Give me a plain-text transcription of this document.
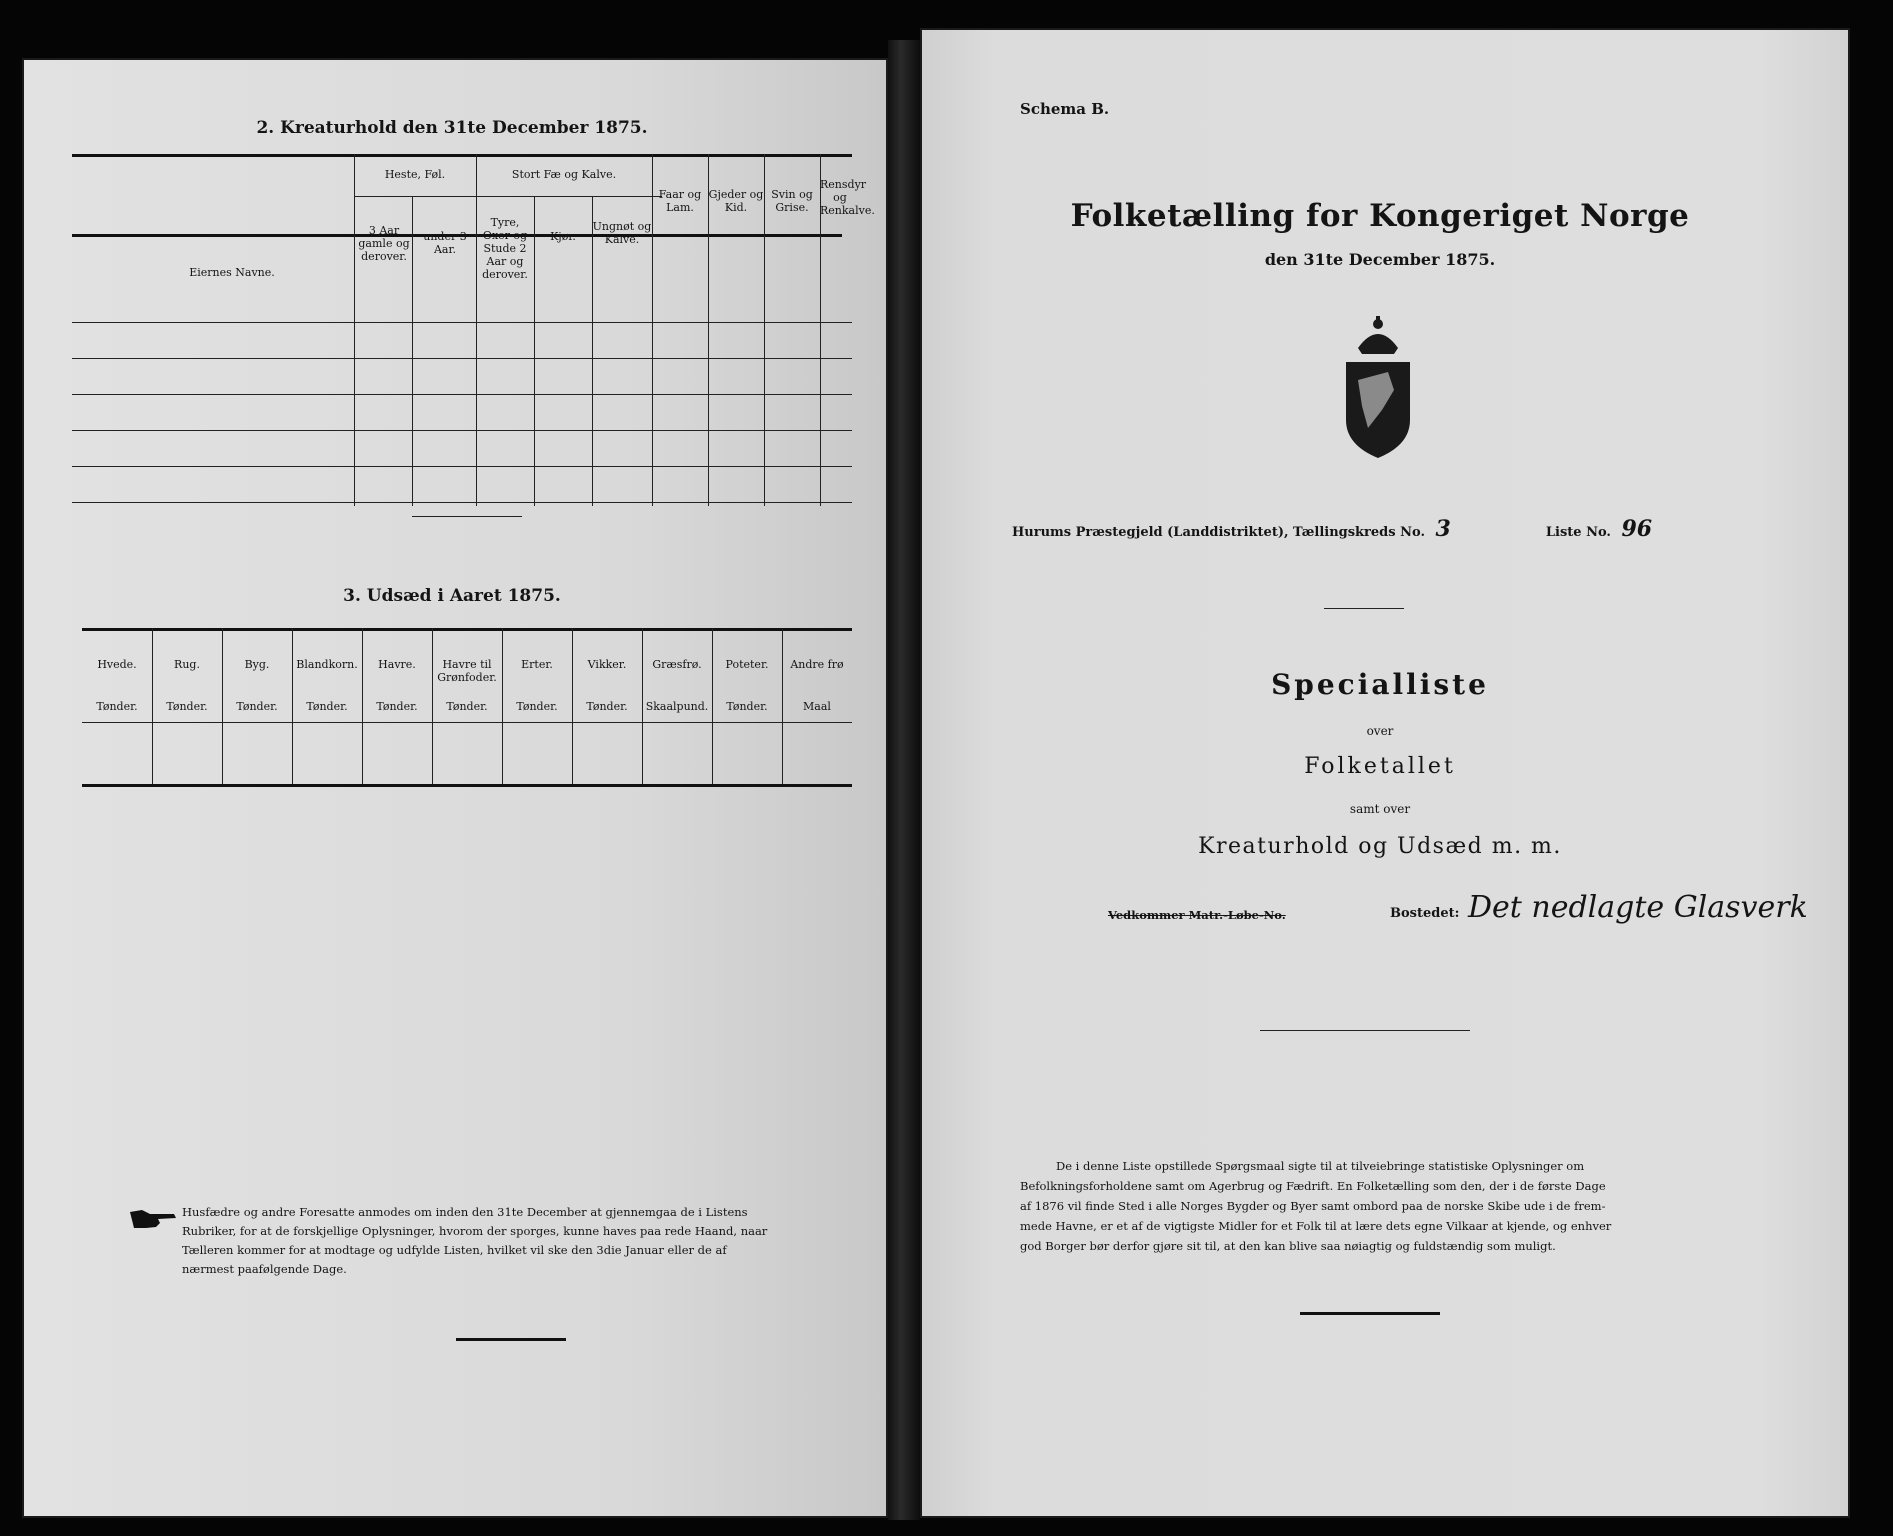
2. Kreaturhold den 31te December 1875.
Eiernes Navne.
Heste, Føl.
3 Aar gamle og derover.
under 3 Aar.
Stort Fæ og Kalve.
Tyre, Oxer og Stude 2 Aar og derover.
Kjør.
Ungnøt og Kalve.
Faar og Lam.
Gjeder og Kid.
Svin og Grise.
Rensdyr og Renkalve.
3. Udsæd i Aaret 1875.
Hvede.
Tønder.
Rug.
Tønder.
Byg.
Tønder.
Blandkorn.
Tønder.
Havre.
Tønder.
Havre til Grønfoder.
Tønder.
Erter.
Tønder.
Vikker.
Tønder.
Græsfrø.
Skaalpund.
Poteter.
Tønder.
Andre frø
Maal
Husfædre og andre Foresatte anmodes om inden den 31te December at gjennemgaa de i Listens
Rubriker, for at de forskjellige Oplysninger, hvorom der sporges, kunne haves paa rede Haand, naar
Tælleren kommer for at modtage og udfylde Listen, hvilket vil ske den 3die Januar eller de af
nærmest paafølgende Dage.
Schema B.
Folketælling for Kongeriget Norge
den 31te December 1875.
Hurums Præstegjeld (Landdistriktet), Tællingskreds No. 3	Liste No. 96
Specialliste
over
Folketallet
samt over
Kreaturhold og Udsæd m. m.
Vedkommer Matr.-Løbe-No.	Bostedet: Det nedlagte Glasverk
De i denne Liste opstillede Spørgsmaal sigte til at tilveiebringe statistiske Oplysninger om
Befolkningsforholdene samt om Agerbrug og Fædrift. En Folketælling som den, der i de første Dage
af 1876 vil finde Sted i alle Norges Bygder og Byer samt ombord paa de norske Skibe ude i de frem-
mede Havne, er et af de vigtigste Midler for et Folk til at lære dets egne Vilkaar at kjende, og enhver
god Borger bør derfor gjøre sit til, at den kan blive saa nøiagtig og fuldstændig som muligt.
